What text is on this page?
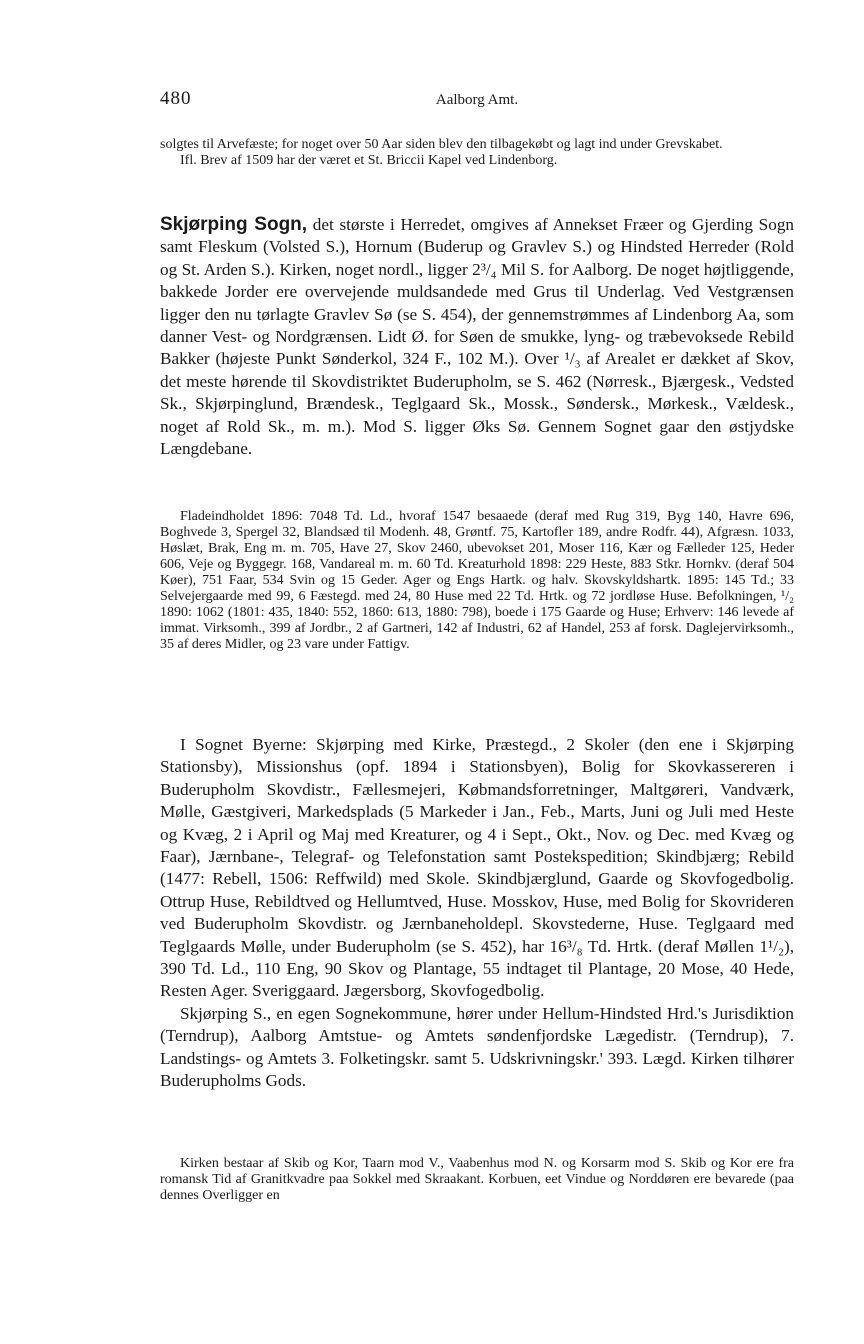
480	Aalborg Amt.

solgtes til Arvefæste; for noget over 50 Aar siden blev den tilbagekøbt og lagt ind under Grevskabet.

Ifl. Brev af 1509 har der været et St. Briccii Kapel ved Lindenborg.

Skjørping Sogn, det største i Herredet, omgives af Annekset Fræer og Gjerding Sogn samt Fleskum (Volsted S.), Hornum (Buderup og Gravlev S.) og Hindsted Herreder (Rold og St. Arden S.). Kirken, noget nordl., ligger 2³/₄ Mil S. for Aalborg. De noget højtliggende, bakkede Jorder ere overvejende muldsandede med Grus til Underlag. Ved Vestgrænsen ligger den nu tørlagte Gravlev Sø (se S. 454), der gennemstrømmes af Lindenborg Aa, som danner Vest- og Nordgrænsen. Lidt Ø. for Søen de smukke, lyng- og træbevoksede Rebild Bakker (højeste Punkt Sønderkol, 324 F., 102 M.). Over ¹/₃ af Arealet er dækket af Skov, det meste hørende til Skovdistriktet Buderupholm, se S. 462 (Nørresk., Bjærgesk., Vedsted Sk., Skjørpinglund, Brændesk., Teglgaard Sk., Mossk., Søndersk., Mørkesk., Vældesk., noget af Rold Sk., m. m.). Mod S. ligger Øks Sø. Gennem Sognet gaar den østjydske Længdebane.

Fladeindholdet 1896: 7048 Td. Ld., hvoraf 1547 besaaede (deraf med Rug 319, Byg 140, Havre 696, Boghvede 3, Spergel 32, Blandsæd til Modenh. 48, Grøntf. 75, Kartofler 189, andre Rodfr. 44), Afgræsn. 1033, Høslæt, Brak, Eng m. m. 705, Have 27, Skov 2460, ubevokset 201, Moser 116, Kær og Fælleder 125, Heder 606, Veje og Byggegr. 168, Vandareal m. m. 60 Td. Kreaturhold 1898: 229 Heste, 883 Stkr. Hornkv. (deraf 504 Køer), 751 Faar, 534 Svin og 15 Geder. Ager og Engs Hartk. og halv. Skovskyldshartk. 1895: 145 Td.; 33 Selvejergaarde med 99, 6 Fæstegd. med 24, 80 Huse med 22 Td. Hrtk. og 72 jordløse Huse. Befolkningen, ¹/₂ 1890: 1062 (1801: 435, 1840: 552, 1860: 613, 1880: 798), boede i 175 Gaarde og Huse; Erhverv: 146 levede af immat. Virksomh., 399 af Jordbr., 2 af Gartneri, 142 af Industri, 62 af Handel, 253 af forsk. Daglejervirksomh., 35 af deres Midler, og 23 vare under Fattigv.

I Sognet Byerne: Skjørping med Kirke, Præstegd., 2 Skoler (den ene i Skjørping Stationsby), Missionshus (opf. 1894 i Stationsbyen), Bolig for Skovkassereren i Buderupholm Skovdistr., Fællesmejeri, Købmandsforretninger, Maltgøreri, Vandværk, Mølle, Gæstgiveri, Markedsplads (5 Markeder i Jan., Feb., Marts, Juni og Juli med Heste og Kvæg, 2 i April og Maj med Kreaturer, og 4 i Sept., Okt., Nov. og Dec. med Kvæg og Faar), Jærnbane-, Telegraf- og Telefonstation samt Postekspedition; Skindbjærg; Rebild (1477: Rebell, 1506: Reffwild) med Skole. Skindbjærglund, Gaarde og Skovfogedbolig. Ottrup Huse, Rebildtved og Hellumtved, Huse. Mosskov, Huse, med Bolig for Skovrideren ved Buderupholm Skovdistr. og Jærnbaneholdepl. Skovstederne, Huse. Teglgaard med Teglgaards Mølle, under Buderupholm (se S. 452), har 16³/₈ Td. Hrtk. (deraf Møllen 1¹/₂), 390 Td. Ld., 110 Eng, 90 Skov og Plantage, 55 indtaget til Plantage, 20 Mose, 40 Hede, Resten Ager. Sveriggaard. Jægersborg, Skovfogedbolig.

Skjørping S., en egen Sognekommune, hører under Hellum-Hindsted Hrd.'s Jurisdiktion (Terndrup), Aalborg Amtstue- og Amtets søndenfjordske Lægedistr. (Terndrup), 7. Landstings- og Amtets 3. Folketingskr. samt 5. Udskrivningskr.' 393. Lægd. Kirken tilhører Buderupholms Gods.

Kirken bestaar af Skib og Kor, Taarn mod V., Vaabenhus mod N. og Korsarm mod S. Skib og Kor ere fra romansk Tid af Granitkvadre paa Sokkel med Skraakant. Korbuen, eet Vindue og Norddøren ere bevarede (paa dennes Overligger en
